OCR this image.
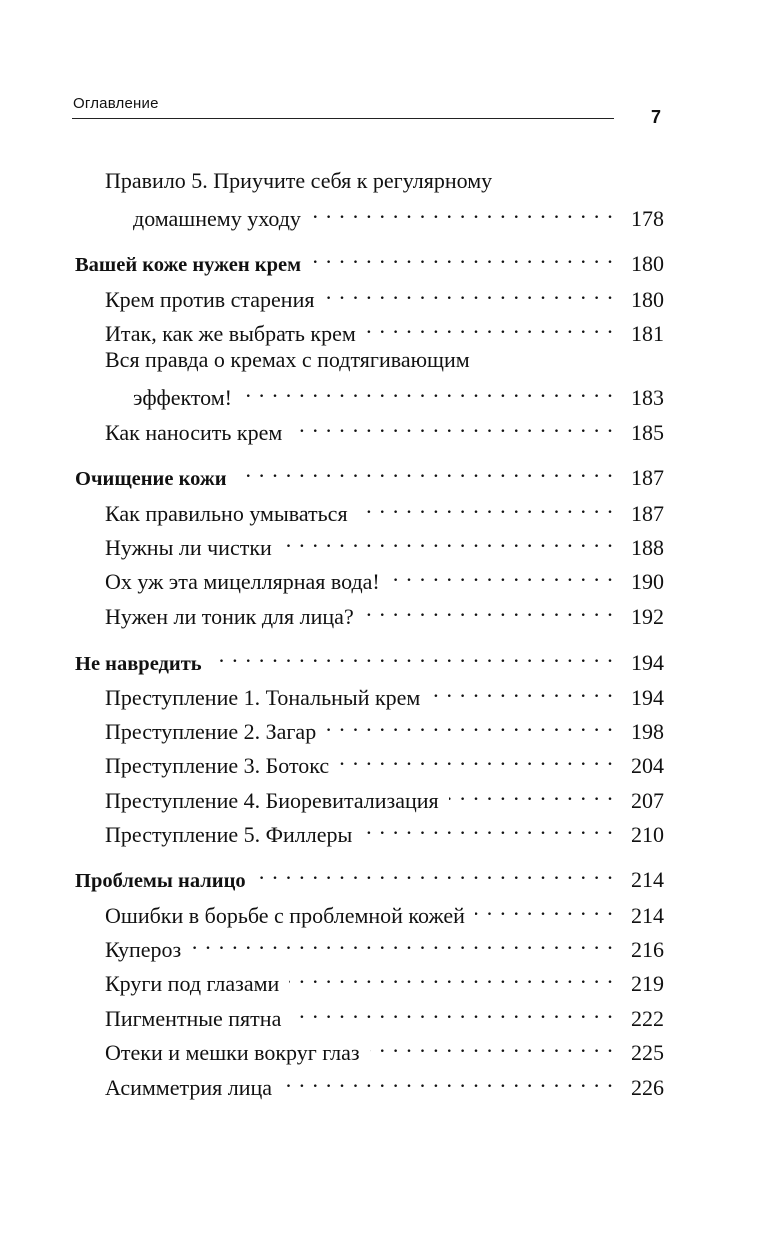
Оглавление
7
Правило 5. Приучите себя к регулярному
домашнему уходу . . .	178
Вашей коже нужен крем . . .	180
Крем против старения . . .	180
Итак, как же выбрать крем . . .	181
Вся правда о кремах с подтягивающим
эффектом! . . .	183
Как наносить крем . . .	185
Очищение кожи . . .	187
Как правильно умываться . . .	187
Нужны ли чистки . . .	188
Ох уж эта мицеллярная вода! . . .	190
Нужен ли тоник для лица? . . .	192
Не навредить . . .	194
Преступление 1. Тональный крем . . .	194
Преступление 2. Загар . . .	198
Преступление 3. Ботокс . . .	204
Преступление 4. Биоревитализация . . .	207
Преступление 5. Филлеры . . .	210
Проблемы налицо . . .	214
Ошибки в борьбе с проблемной кожей . . .	214
Купероз . . .	216
Круги под глазами . . .	219
Пигментные пятна . . .	222
Отеки и мешки вокруг глаз . . .	225
Асимметрия лица . . .	226
